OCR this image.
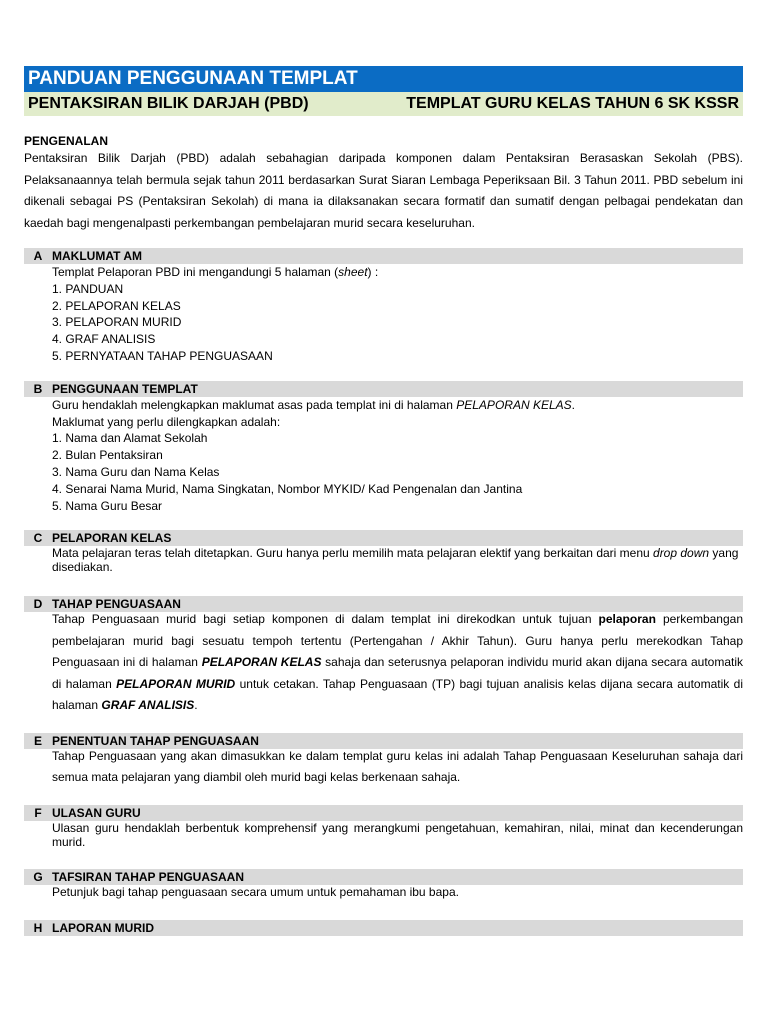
PANDUAN PENGGUNAAN TEMPLAT
PENTAKSIRAN BILIK DARJAH (PBD)	TEMPLAT GURU KELAS TAHUN 6 SK KSSR
PENGENALAN
Pentaksiran Bilik Darjah (PBD) adalah sebahagian daripada komponen dalam Pentaksiran Berasaskan Sekolah (PBS). Pelaksanaannya telah bermula sejak tahun 2011 berdasarkan Surat Siaran Lembaga Peperiksaan Bil. 3 Tahun 2011. PBD sebelum ini dikenali sebagai PS (Pentaksiran Sekolah) di mana ia dilaksanakan secara formatif dan sumatif dengan pelbagai pendekatan dan kaedah bagi mengenalpasti perkembangan pembelajaran murid secara keseluruhan.
A MAKLUMAT AM
Templat Pelaporan PBD ini mengandungi 5 halaman (sheet) :
1. PANDUAN
2. PELAPORAN KELAS
3. PELAPORAN MURID
4. GRAF ANALISIS
5. PERNYATAAN TAHAP PENGUASAAN
B PENGGUNAAN TEMPLAT
Guru hendaklah melengkapkan maklumat asas pada templat ini di halaman PELAPORAN KELAS.
Maklumat yang perlu dilengkapkan adalah:
1. Nama dan Alamat Sekolah
2. Bulan Pentaksiran
3. Nama Guru dan Nama Kelas
4. Senarai Nama Murid, Nama Singkatan, Nombor MYKID/ Kad Pengenalan dan Jantina
5. Nama Guru Besar
C PELAPORAN KELAS
Mata pelajaran teras telah ditetapkan. Guru hanya perlu memilih mata pelajaran elektif yang berkaitan dari menu drop down yang disediakan.
D TAHAP PENGUASAAN
Tahap Penguasaan murid bagi setiap komponen di dalam templat ini direkodkan untuk tujuan pelaporan perkembangan pembelajaran murid bagi sesuatu tempoh tertentu (Pertengahan / Akhir Tahun). Guru hanya perlu merekodkan Tahap Penguasaan ini di halaman PELAPORAN KELAS sahaja dan seterusnya pelaporan individu murid akan dijana secara automatik di halaman PELAPORAN MURID untuk cetakan. Tahap Penguasaan (TP) bagi tujuan analisis kelas dijana secara automatik di halaman GRAF ANALISIS.
E PENENTUAN TAHAP PENGUASAAN
Tahap Penguasaan yang akan dimasukkan ke dalam templat guru kelas ini adalah Tahap Penguasaan Keseluruhan sahaja dari semua mata pelajaran yang diambil oleh murid bagi kelas berkenaan sahaja.
F ULASAN GURU
Ulasan guru hendaklah berbentuk komprehensif yang merangkumi pengetahuan, kemahiran, nilai, minat dan kecenderungan murid.
G TAFSIRAN TAHAP PENGUASAAN
Petunjuk bagi tahap penguasaan secara umum untuk pemahaman ibu bapa.
H LAPORAN MURID
